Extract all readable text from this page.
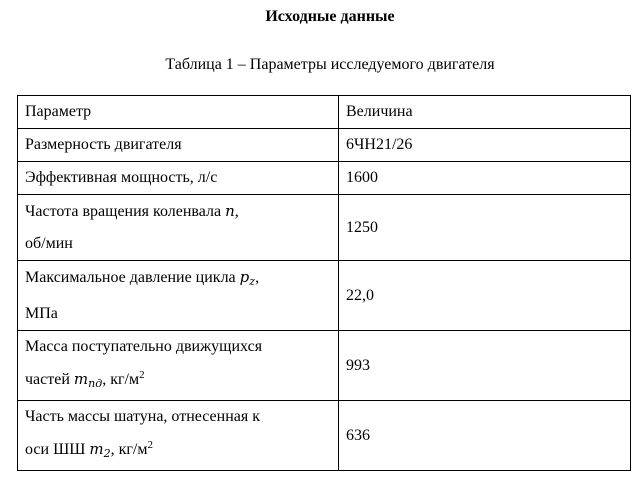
Исходные данные
Таблица 1 – Параметры исследуемого двигателя
Параметр	Величина
Размерность двигателя	6ЧН21/26
Эффективная мощность, л/с	1600
Частота вращения коленвала n,
об/мин	1250
Максимальное давление цикла $p_z$,
МПа	22,0
Масса поступательно движущихся
частей $m_{пд}$, $кг/м^2$	993
Часть массы шатуна, отнесенная к
оси ШШ $m_2$, $кг/м^2$	636
